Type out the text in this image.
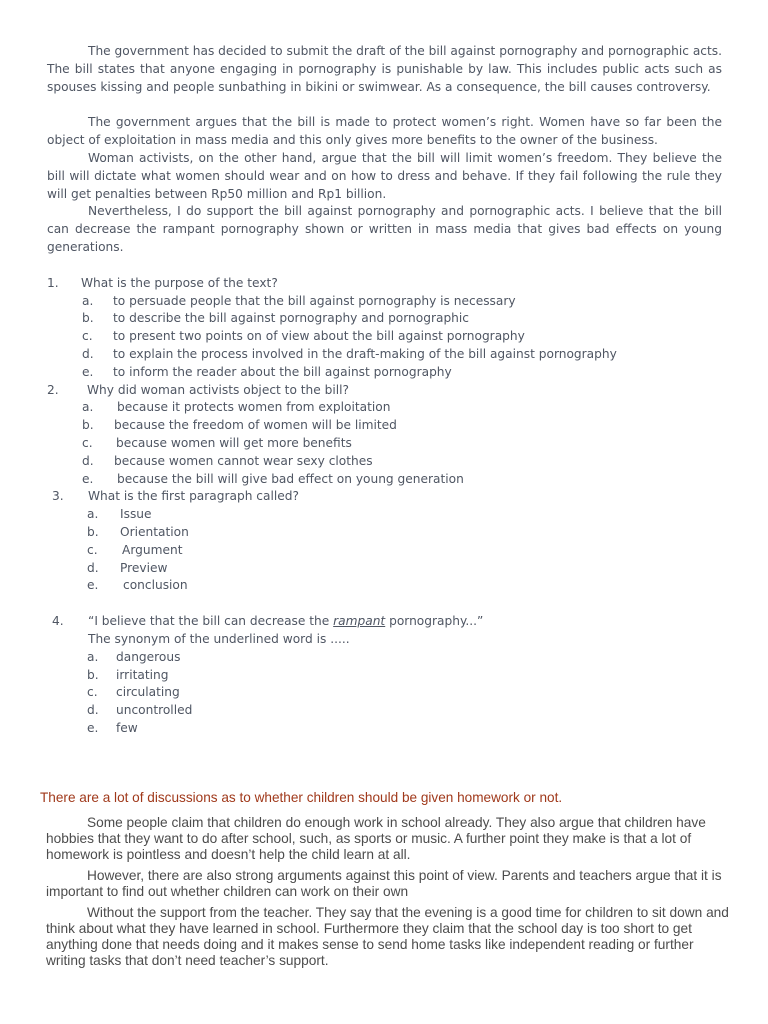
The government has decided to submit the draft of the bill against pornography and pornographic acts. The bill states that anyone engaging in pornography is punishable by law. This includes public acts such as spouses kissing and people sunbathing in bikini or swimwear. As a consequence, the bill causes controversy.

The government argues that the bill is made to protect women’s right. Women have so far been the object of exploitation in mass media and this only gives more benefits to the owner of the business.

Woman activists, on the other hand, argue that the bill will limit women’s freedom. They believe the bill will dictate what women should wear and on how to dress and behave. If they fail following the rule they will get penalties between Rp50 million and Rp1 billion.

Nevertheless, I do support the bill against pornography and pornographic acts. I believe that the bill can decrease the rampant pornography shown or written in mass media that gives bad effects on young generations.

1. What is the purpose of the text?
a. to persuade people that the bill against pornography is necessary
b. to describe the bill against pornography and pornographic
c. to present two points on of view about the bill against pornography
d. to explain the process involved in the draft-making of the bill against pornography
e. to inform the reader about the bill against pornography
2. Why did woman activists object to the bill?
a. because it protects women from exploitation
b. because the freedom of women will be limited
c. because women will get more benefits
d. because women cannot wear sexy clothes
e. because the bill will give bad effect on young generation
3. What is the first paragraph called?
a. Issue
b. Orientation
c. Argument
d. Preview
e. conclusion
4. “I believe that the bill can decrease the rampant pornography...”
The synonym of the underlined word is .....
a. dangerous
b. irritating
c. circulating
d. uncontrolled
e. few

There are a lot of discussions as to whether children should be given homework or not.

Some people claim that children do enough work in school already. They also argue that children have hobbies that they want to do after school, such, as sports or music. A further point they make is that a lot of homework is pointless and doesn’t help the child learn at all.

However, there are also strong arguments against this point of view. Parents and teachers argue that it is important to find out whether children can work on their own

Without the support from the teacher. They say that the evening is a good time for children to sit down and think about what they have learned in school. Furthermore they claim that the school day is too short to get anything done that needs doing and it makes sense to send home tasks like independent reading or further writing tasks that don’t need teacher’s support.
